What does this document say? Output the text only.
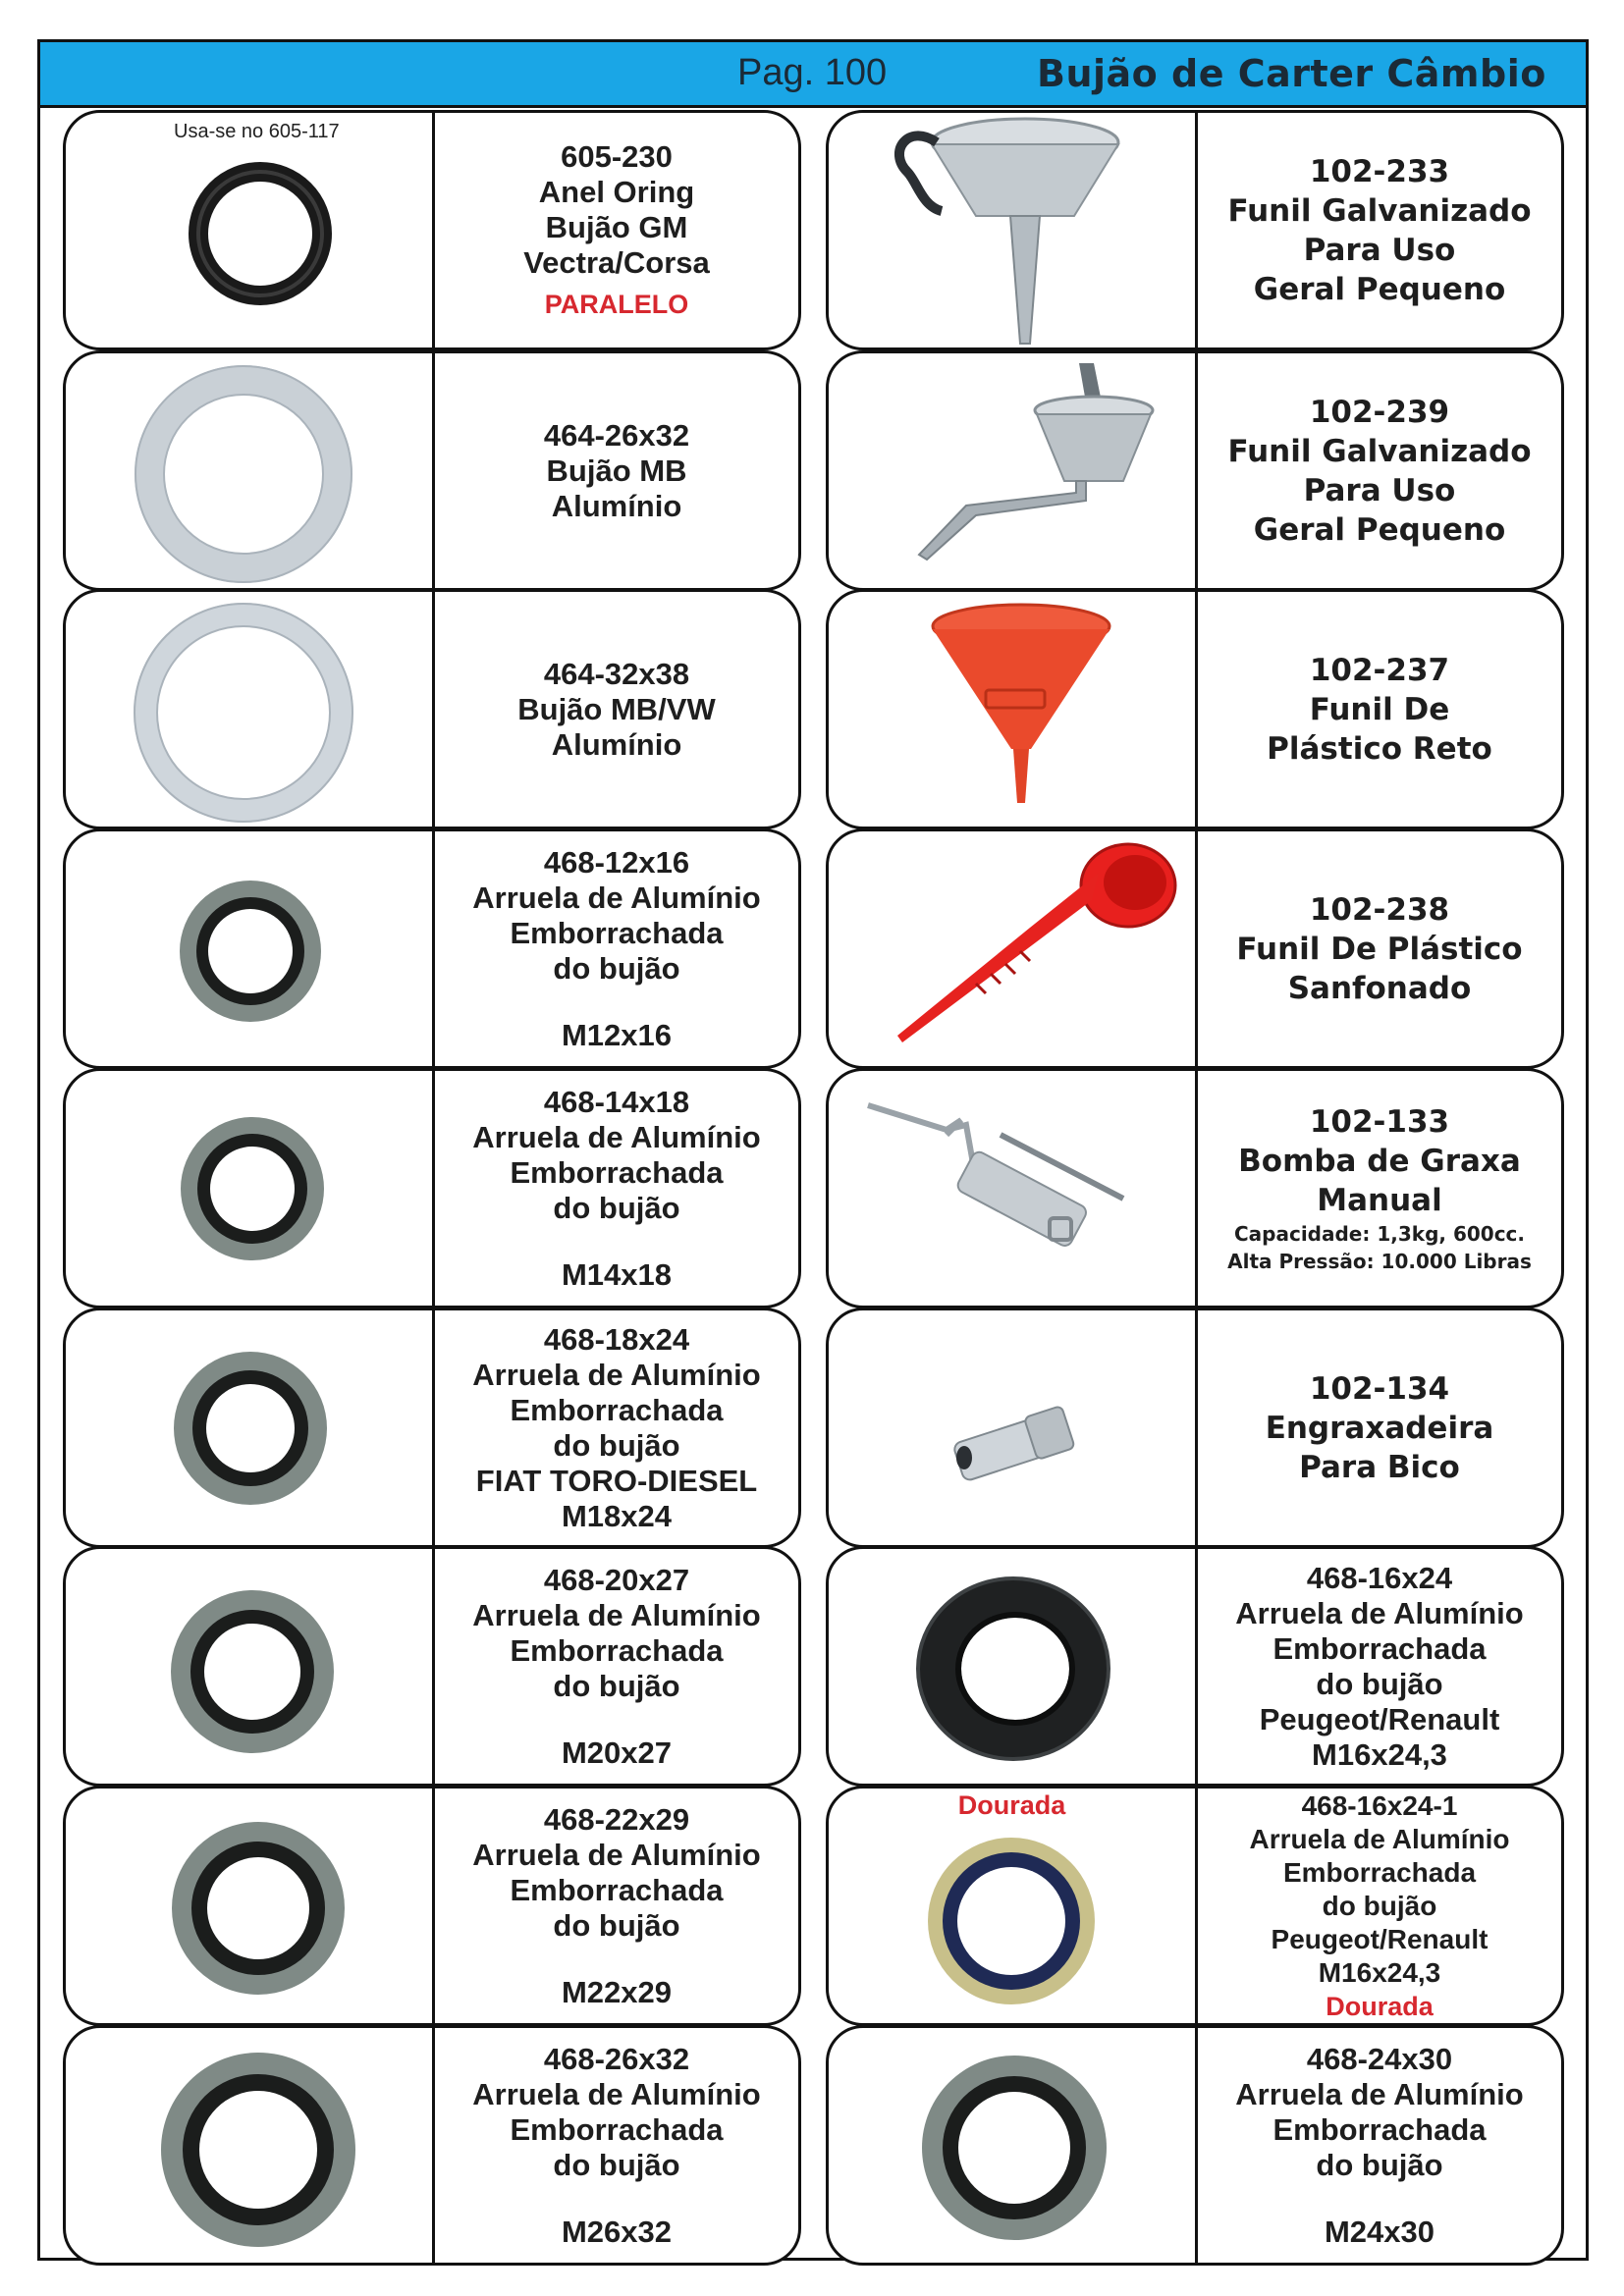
Pag. 100	Bujão de Carter Câmbio
Usa-se no 605-117
605-230
Anel Oring
Bujão GM
Vectra/Corsa
PARALELO
464-26x32
Bujão MB
Alumínio
464-32x38
Bujão MB/VW
Alumínio
468-12x16
Arruela de Alumínio
Emborrachada
do bujão
M12x16
468-14x18
Arruela de Alumínio
Emborrachada
do bujão
M14x18
468-18x24
Arruela de Alumínio
Emborrachada
do bujão
FIAT TORO-DIESEL
M18x24
468-20x27
Arruela de Alumínio
Emborrachada
do bujão
M20x27
468-22x29
Arruela de Alumínio
Emborrachada
do bujão
M22x29
468-26x32
Arruela de Alumínio
Emborrachada
do bujão
M26x32
102-233
Funil Galvanizado
Para Uso
Geral Pequeno
102-239
Funil Galvanizado
Para Uso
Geral Pequeno
102-237
Funil De
Plástico Reto
102-238
Funil De Plástico
Sanfonado
102-133
Bomba de Graxa
Manual
Capacidade: 1,3kg, 600cc.
Alta Pressão: 10.000 Libras
102-134
Engraxadeira
Para Bico
468-16x24
Arruela de Alumínio
Emborrachada
do bujão
Peugeot/Renault
M16x24,3
Dourada	468-16x24-1
Arruela de Alumínio
Emborrachada
do bujão
Peugeot/Renault
M16x24,3
Dourada
468-24x30
Arruela de Alumínio
Emborrachada
do bujão
M24x30
